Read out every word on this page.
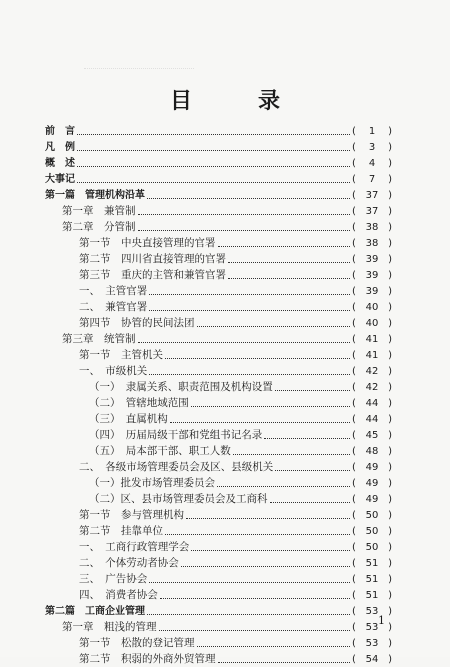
目　录
前　言	( 1 )
凡　例	( 3 )
概　述	( 4 )
大事记	( 7 )
第一篇　管理机构沿革	( 37 )
第一章　兼管制	( 37 )
第二章　分管制	( 38 )
第一节　中央直接管理的官署	( 38 )
第二节　四川省直接管理的官署	( 39 )
第三节　重庆的主管和兼管官署	( 39 )
一、　主管官署	( 39 )
二、　兼管官署	( 40 )
第四节　协管的民间法团	( 40 )
第三章　统管制	( 41 )
第一节　主管机关	( 41 )
一、　市级机关	( 42 )
（一）　隶属关系、职责范围及机构设置	( 42 )
（二）　管辖地域范围	( 44 )
（三）　直属机构	( 44 )
（四）　历届局级干部和党组书记名录	( 45 )
（五）　局本部干部、职工人数	( 48 )
二、　各级市场管理委员会及区、县级机关	( 49 )
（一）批发市场管理委员会	( 49 )
（二）区、县市场管理委员会及工商科	( 49 )
第一节　参与管理机构	( 50 )
第二节　挂靠单位	( 50 )
一、　工商行政管理学会	( 50 )
二、　个体劳动者协会	( 51 )
三、　广告协会	( 51 )
四、　消费者协会	( 51 )
第二篇　工商企业管理	( 53 )
第一章　粗浅的管理	( 53 )
第一节　松散的登记管理	( 53 )
第二节　积弱的外商外贸管理	( 54 )
1
